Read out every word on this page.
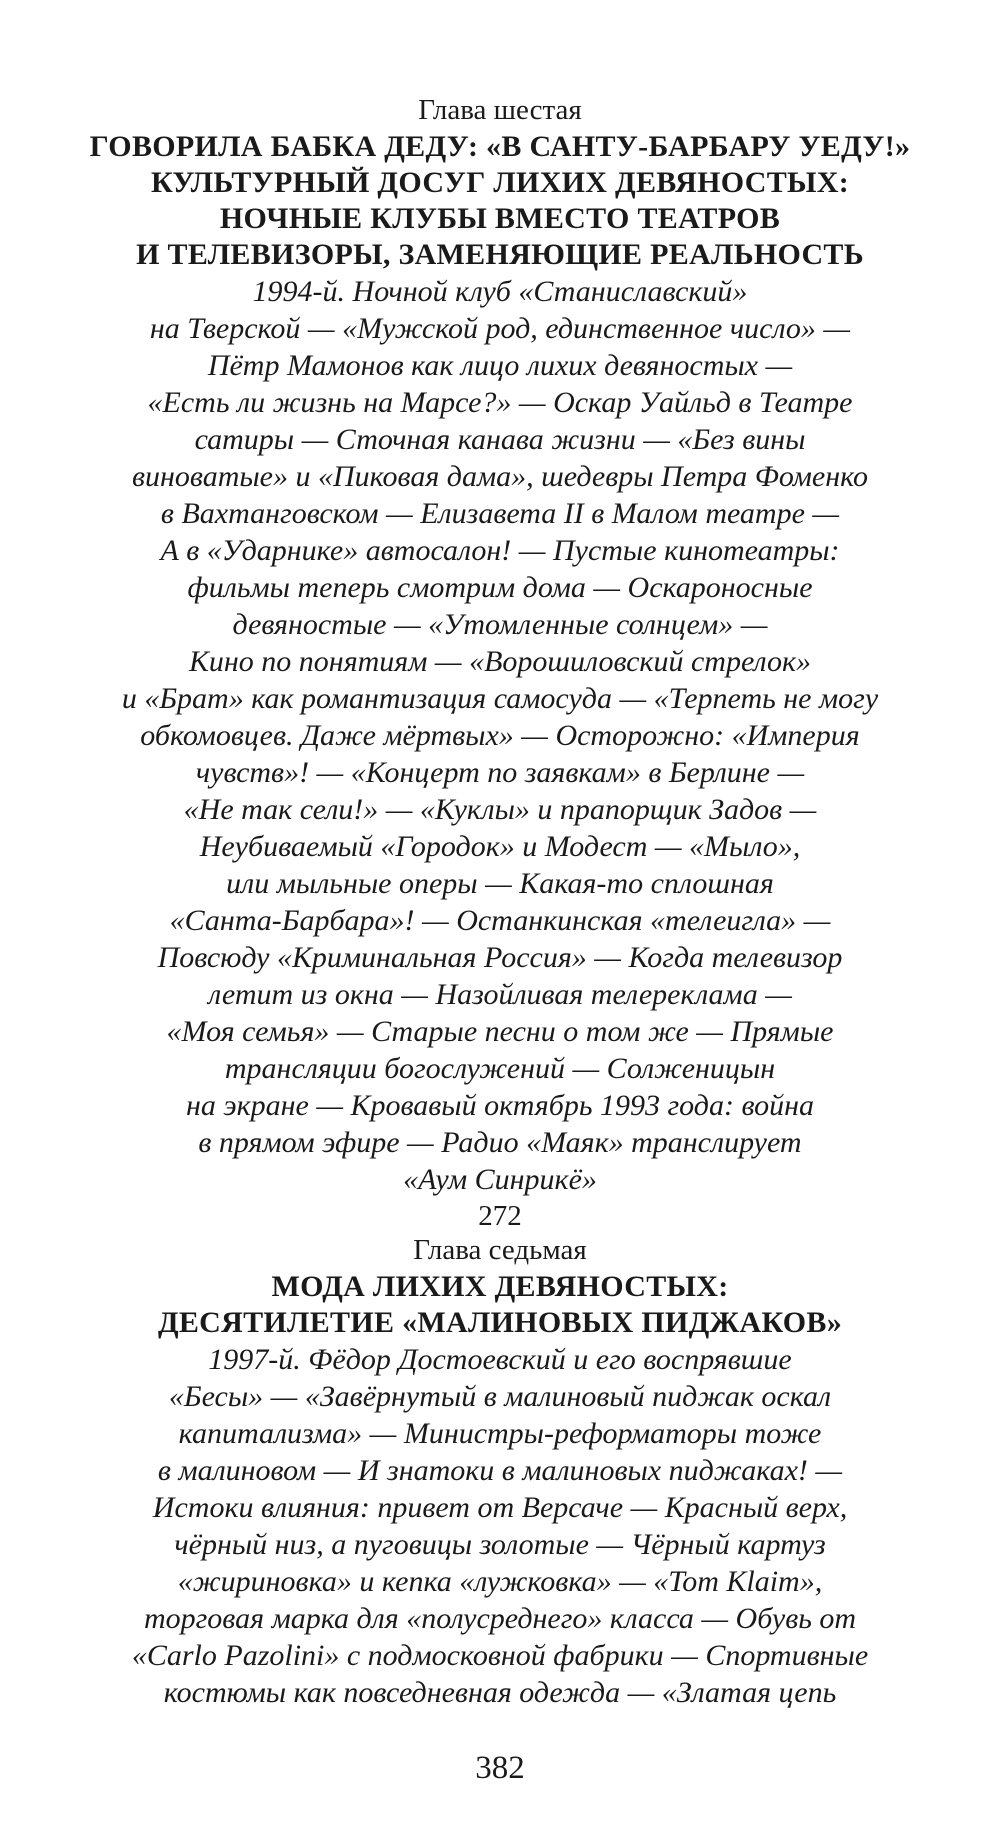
Глава шестая
ГОВОРИЛА БАБКА ДЕДУ: «В САНТУ-БАРБАРУ УЕДУ!»
КУЛЬТУРНЫЙ ДОСУГ ЛИХИХ ДЕВЯНОСТЫХ:
НОЧНЫЕ КЛУБЫ ВМЕСТО ТЕАТРОВ
И ТЕЛЕВИЗОРЫ, ЗАМЕНЯЮЩИЕ РЕАЛЬНОСТЬ
1994-й. Ночной клуб «Станиславский»
на Тверской — «Мужской род, единственное число» —
Пётр Мамонов как лицо лихих девяностых —
«Есть ли жизнь на Марсе?» — Оскар Уайльд в Театре
сатиры — Сточная канава жизни — «Без вины
виноватые» и «Пиковая дама», шедевры Петра Фоменко
в Вахтанговском — Елизавета II в Малом театре —
А в «Ударнике» автосалон! — Пустые кинотеатры:
фильмы теперь смотрим дома — Оскароносные
девяностые — «Утомленные солнцем» —
Кино по понятиям — «Ворошиловский стрелок»
и «Брат» как романтизация самосуда — «Терпеть не могу
обкомовцев. Даже мёртвых» — Осторожно: «Империя
чувств»! — «Концерт по заявкам» в Берлине —
«Не так сели!» — «Куклы» и прапорщик Задов —
Неубиваемый «Городок» и Модест — «Мыло»,
или мыльные оперы — Какая-то сплошная
«Санта-Барбара»! — Останкинская «телеигла» —
Повсюду «Криминальная Россия» — Когда телевизор
летит из окна — Назойливая телереклама —
«Моя семья» — Старые песни о том же — Прямые
трансляции богослужений — Солженицын
на экране — Кровавый октябрь 1993 года: война
в прямом эфире — Радио «Маяк» транслирует
«Аум Синрикё»
272
Глава седьмая
МОДА ЛИХИХ ДЕВЯНОСТЫХ:
ДЕСЯТИЛЕТИЕ «МАЛИНОВЫХ ПИДЖАКОВ»
1997-й. Фёдор Достоевский и его воспрявшие
«Бесы» — «Завёрнутый в малиновый пиджак оскал
капитализма» — Министры-реформаторы тоже
в малиновом — И знатоки в малиновых пиджаках! —
Истоки влияния: привет от Версаче — Красный верх,
чёрный низ, а пуговицы золотые — Чёрный картуз
«жириновка» и кепка «лужковка» — «Tom Klaim»,
торговая марка для «полусреднего» класса — Обувь от
«Carlo Pazolini» с подмосковной фабрики — Спортивные
костюмы как повседневная одежда — «Златая цепь
382
